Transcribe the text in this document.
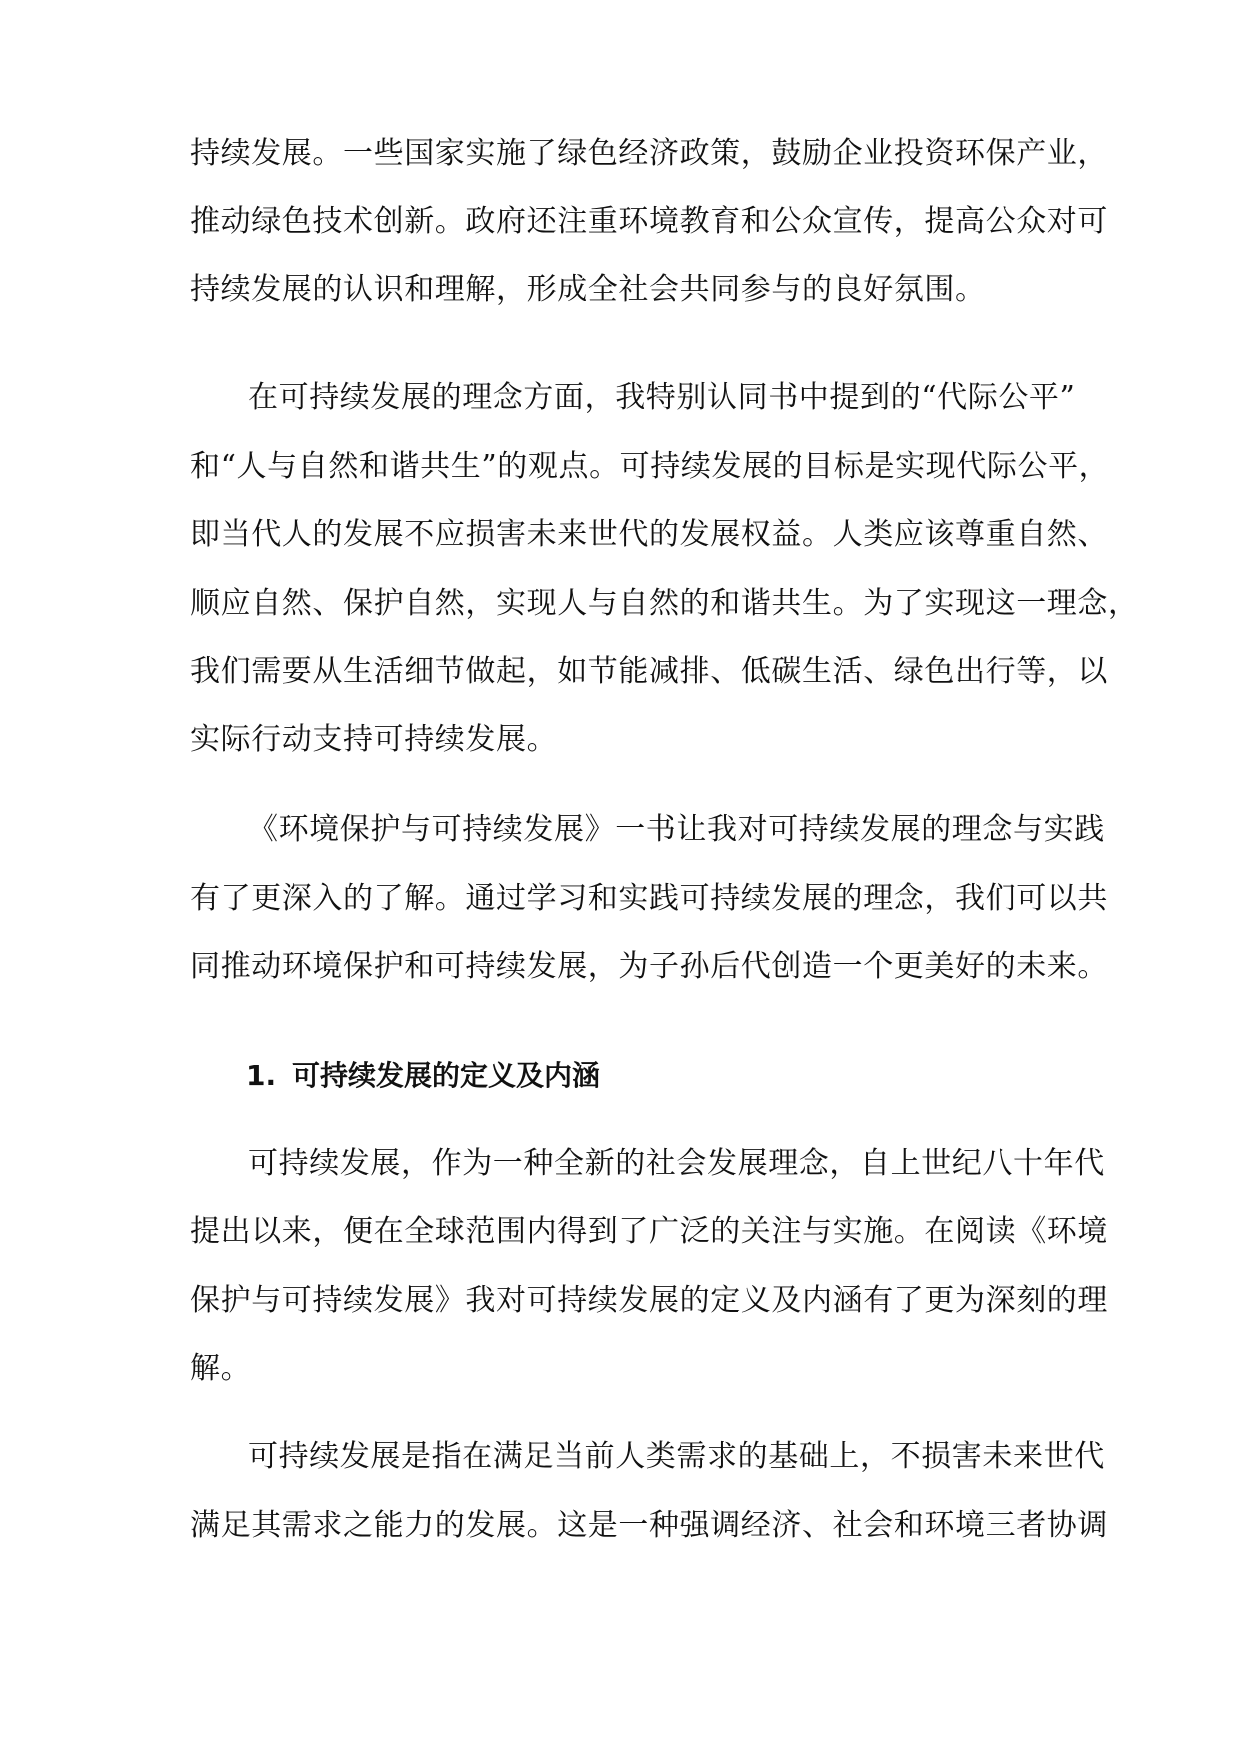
持续发展。一些国家实施了绿色经济政策，鼓励企业投资环保产业，
推动绿色技术创新。政府还注重环境教育和公众宣传，提高公众对可
持续发展的认识和理解，形成全社会共同参与的良好氛围。
在可持续发展的理念方面，我特别认同书中提到的“代际公平”
和“人与自然和谐共生”的观点。可持续发展的目标是实现代际公平，
即当代人的发展不应损害未来世代的发展权益。人类应该尊重自然、
顺应自然、保护自然，实现人与自然的和谐共生。为了实现这一理念，
我们需要从生活细节做起，如节能减排、低碳生活、绿色出行等，以
实际行动支持可持续发展。
《环境保护与可持续发展》一书让我对可持续发展的理念与实践
有了更深入的了解。通过学习和实践可持续发展的理念，我们可以共
同推动环境保护和可持续发展，为子孙后代创造一个更美好的未来。
1. 可持续发展的定义及内涵
可持续发展，作为一种全新的社会发展理念，自上世纪八十年代
提出以来，便在全球范围内得到了广泛的关注与实施。在阅读《环境
保护与可持续发展》我对可持续发展的定义及内涵有了更为深刻的理
解。
可持续发展是指在满足当前人类需求的基础上，不损害未来世代
满足其需求之能力的发展。这是一种强调经济、社会和环境三者协调
